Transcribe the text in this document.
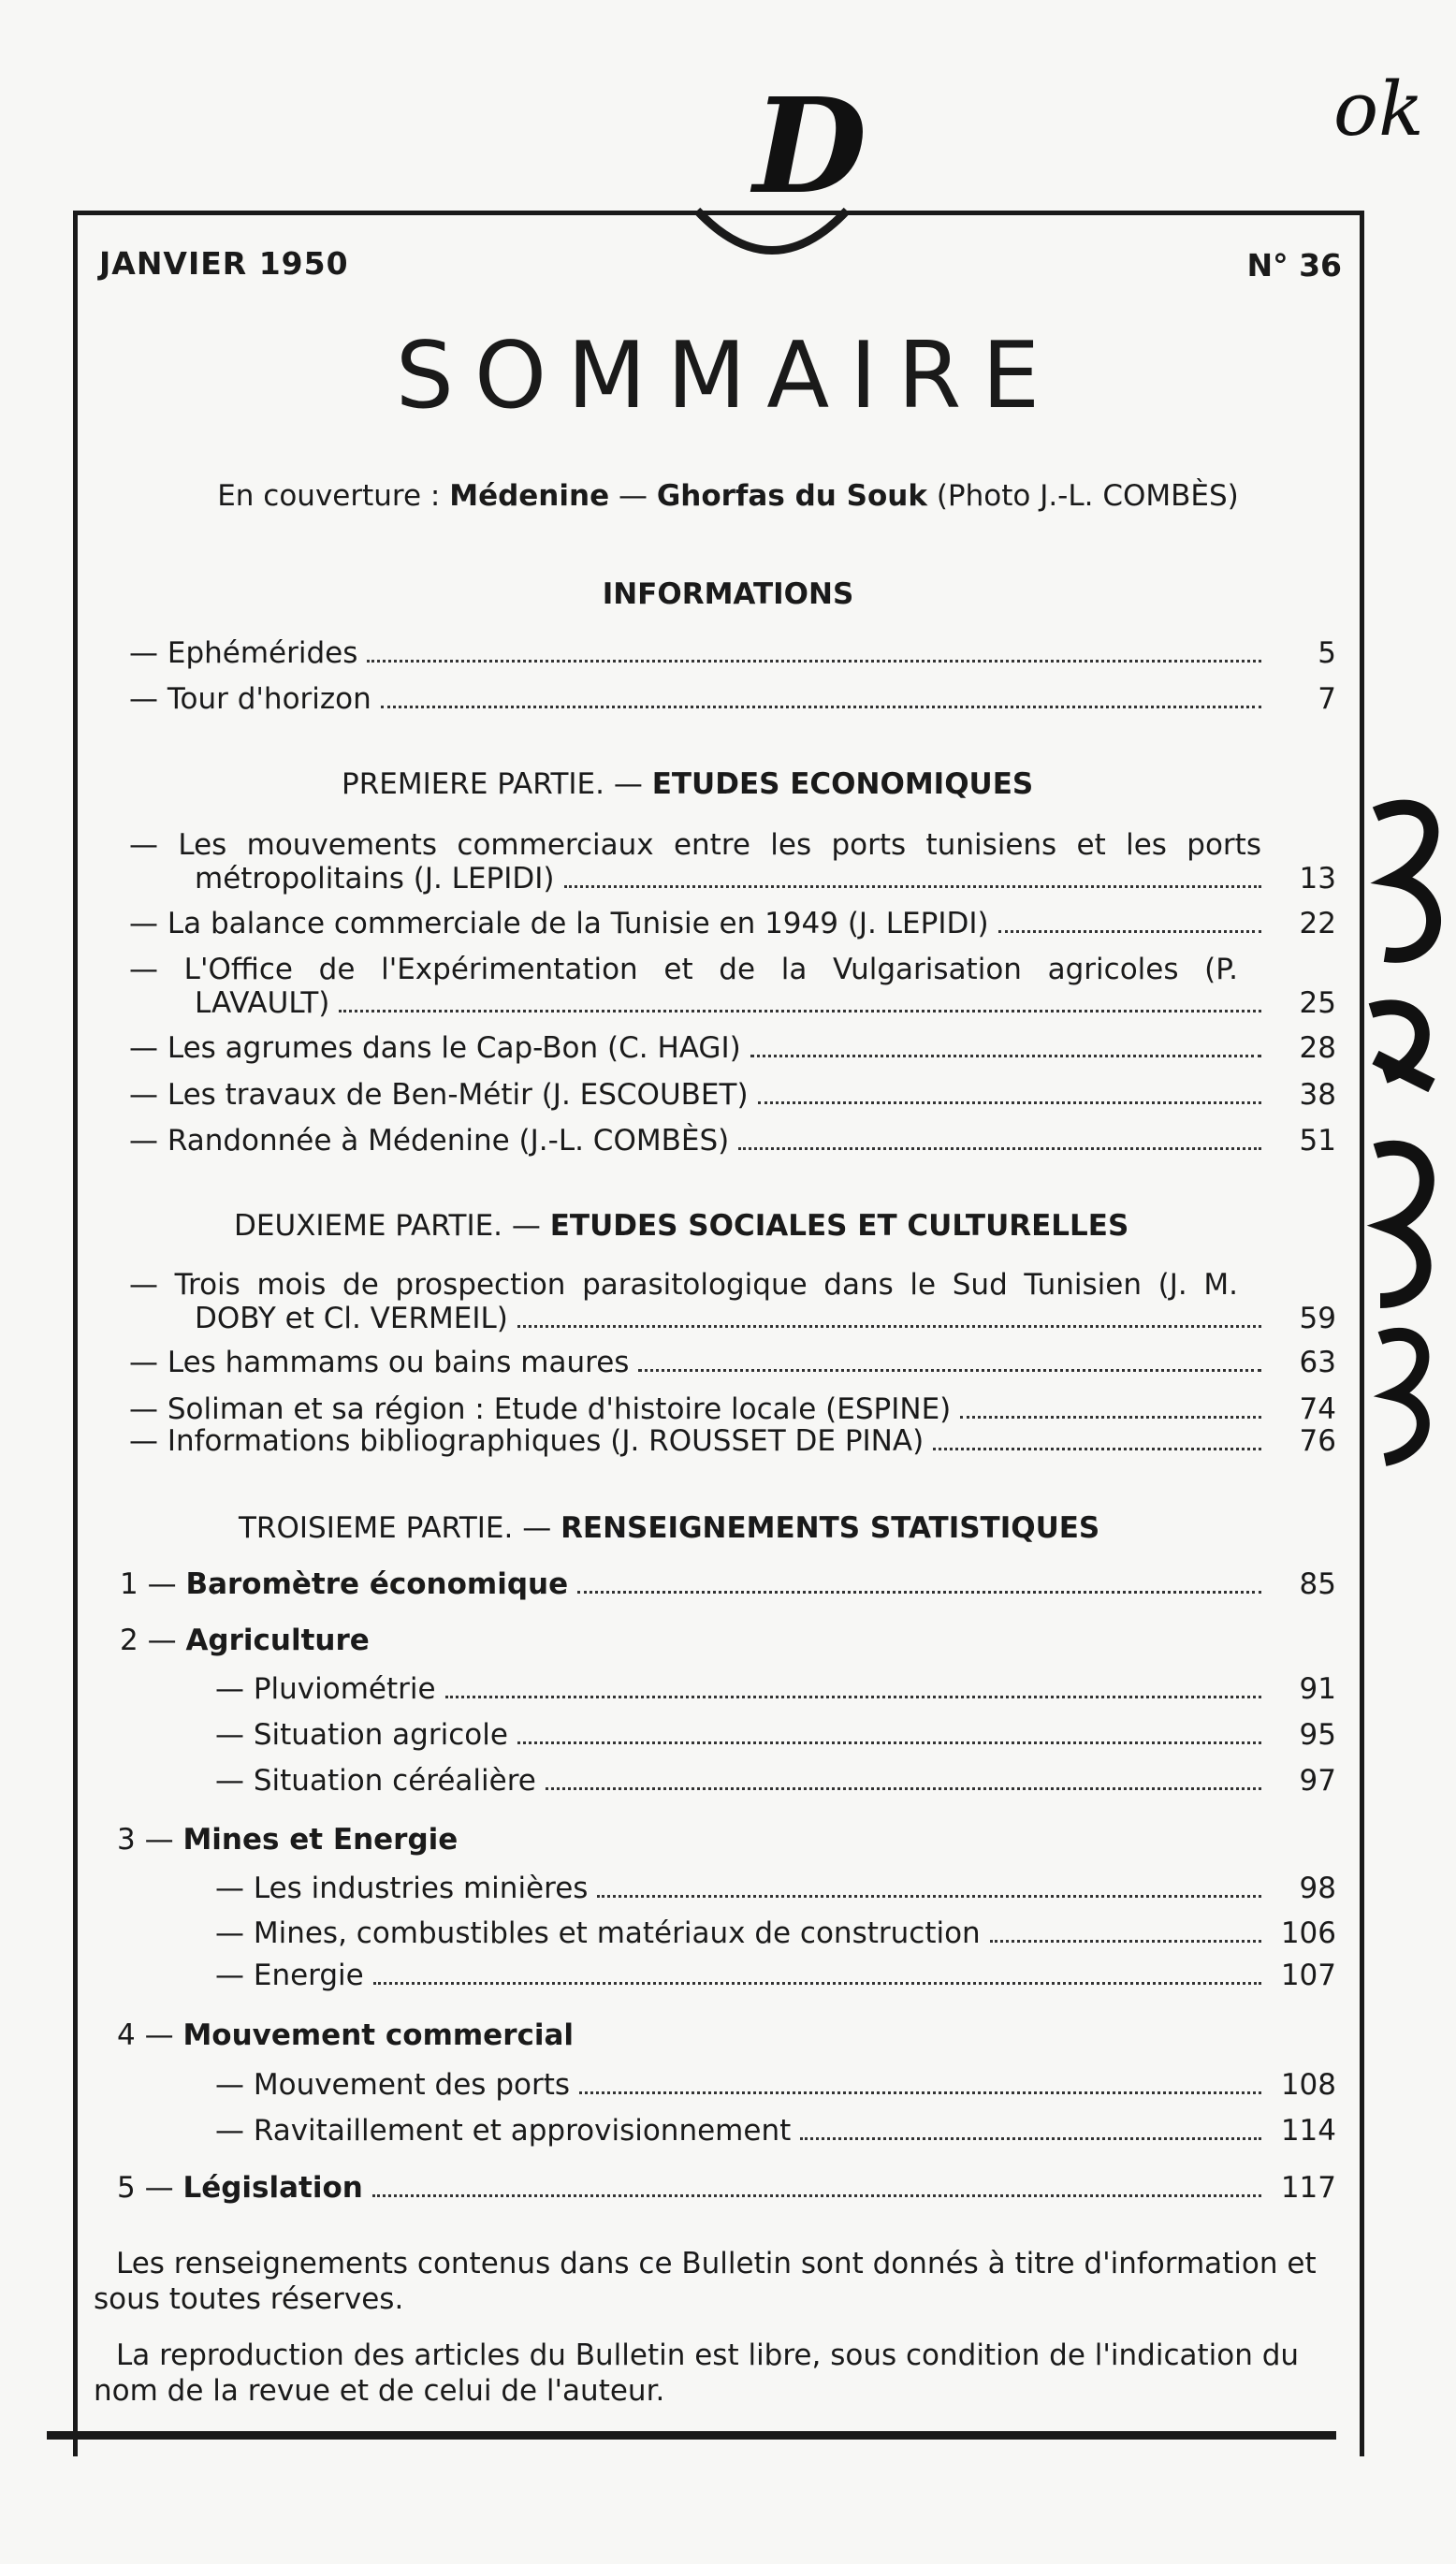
ok
D
JANVIER 1950	N° 36
SOMMAIRE
En couverture : Médenine — Ghorfas du Souk (Photo J.-L. COMBÈS)
INFORMATIONS
— Ephémérides	5
— Tour d'horizon	7
PREMIERE PARTIE. — ETUDES ECONOMIQUES
— Les mouvements commerciaux entre les ports tunisiens et les ports
métropolitains (J. LEPIDI)	13
— La balance commerciale de la Tunisie en 1949 (J. LEPIDI)	22
— L'Office de l'Expérimentation et de la Vulgarisation agricoles (P.
LAVAULT)	25
— Les agrumes dans le Cap-Bon (C. HAGI)	28
— Les travaux de Ben-Métir (J. ESCOUBET)	38
— Randonnée à Médenine (J.-L. COMBÈS)	51
DEUXIEME PARTIE. — ETUDES SOCIALES ET CULTURELLES
— Trois mois de prospection parasitologique dans le Sud Tunisien (J. M.
DOBY et Cl. VERMEIL)	59
— Les hammams ou bains maures	63
— Soliman et sa région : Etude d'histoire locale (ESPINE)	74
— Informations bibliographiques (J. ROUSSET DE PINA)	76
TROISIEME PARTIE. — RENSEIGNEMENTS STATISTIQUES
1 — Baromètre économique	85
2 — Agriculture
— Pluviométrie	91
— Situation agricole	95
— Situation céréalière	97
3 — Mines et Energie
— Les industries minières	98
— Mines, combustibles et matériaux de construction	106
— Energie	107
4 — Mouvement commercial
— Mouvement des ports	108
— Ravitaillement et approvisionnement	114
5 — Législation	117
Les renseignements contenus dans ce Bulletin sont donnés à titre d'information et sous toutes réserves.
La reproduction des articles du Bulletin est libre, sous condition de l'indication du nom de la revue et de celui de l'auteur.
